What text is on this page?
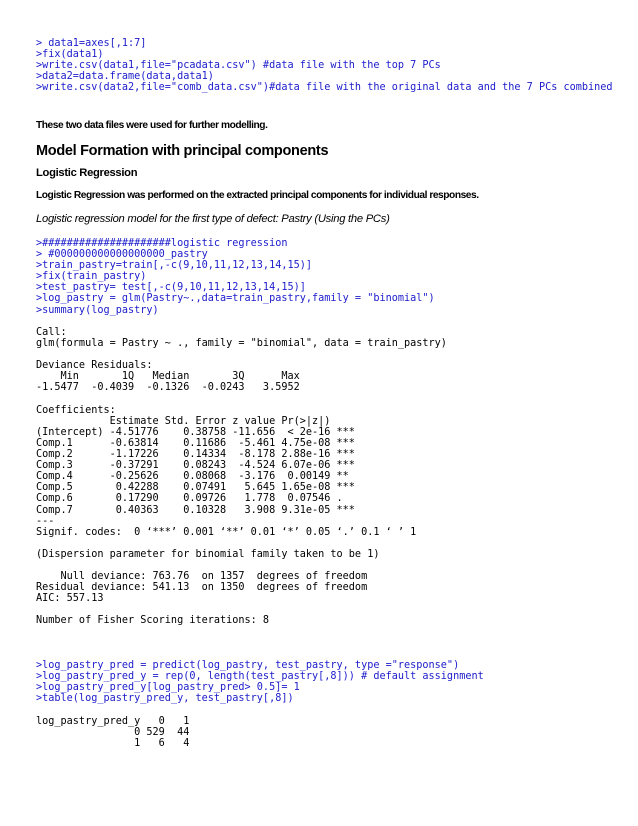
> data1=axes[,1:7]
>fix(data1)
>write.csv(data1,file="pcadata.csv") #data file with the top 7 PCs
>data2=data.frame(data,data1)
>write.csv(data2,file="comb_data.csv")#data file with the original data and the 7 PCs combined
These two data files were used for further modelling.
Model Formation with principal components
Logistic Regression
Logistic Regression was performed on the extracted principal components for individual responses.
Logistic regression model for the first type of defect: Pastry (Using the PCs)
>#####################logistic regression
> #000000000000000000_pastry
>train_pastry=train[,-c(9,10,11,12,13,14,15)]
>fix(train_pastry)
>test_pastry= test[,-c(9,10,11,12,13,14,15)]
>log_pastry = glm(Pastry~.,data=train_pastry,family = "binomial")
>summary(log_pastry)
Call:
glm(formula = Pastry ~ ., family = "binomial", data = train_pastry)

Deviance Residuals:
Min       1Q   Median       3Q      Max
-1.5477  -0.4039  -0.1326  -0.0243   3.5952

Coefficients:
Estimate Std. Error z value Pr(>|z|)
(Intercept) -4.51776    0.38758 -11.656  < 2e-16 ***
Comp.1      -0.63814    0.11686  -5.461 4.75e-08 ***
Comp.2      -1.17226    0.14334  -8.178 2.88e-16 ***
Comp.3      -0.37291    0.08243  -4.524 6.07e-06 ***
Comp.4      -0.25626    0.08068  -3.176  0.00149 **
Comp.5       0.42288    0.07491   5.645 1.65e-08 ***
Comp.6       0.17290    0.09726   1.778  0.07546 .
Comp.7       0.40363    0.10328   3.908 9.31e-05 ***
---
Signif. codes:  0 ‘***’ 0.001 ‘**’ 0.01 ‘*’ 0.05 ‘.’ 0.1 ‘ ’ 1

(Dispersion parameter for binomial family taken to be 1)

Null deviance: 763.76  on 1357  degrees of freedom
Residual deviance: 541.13  on 1350  degrees of freedom
AIC: 557.13

Number of Fisher Scoring iterations: 8
>log_pastry_pred = predict(log_pastry, test_pastry, type ="response")
>log_pastry_pred_y = rep(0, length(test_pastry[,8])) # default assignment
>log_pastry_pred_y[log_pastry_pred> 0.5]= 1
>table(log_pastry_pred_y, test_pastry[,8])
log_pastry_pred_y   0   1
0 529  44
1   6   4
